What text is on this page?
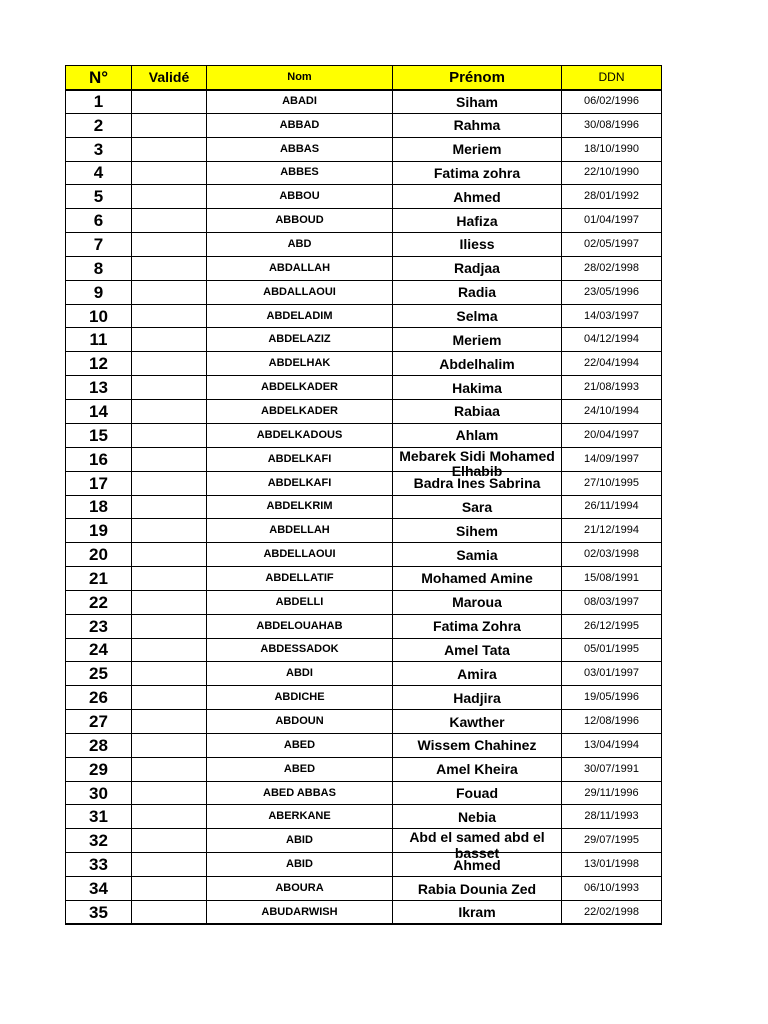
N°	Validé	Nom	Prénom	DDN
1		ABADI	Siham	06/02/1996
2		ABBAD	Rahma	30/08/1996
3		ABBAS	Meriem	18/10/1990
4		ABBES	Fatima zohra	22/10/1990
5		ABBOU	Ahmed	28/01/1992
6		ABBOUD	Hafiza	01/04/1997
7		ABD	Iliess	02/05/1997
8		ABDALLAH	Radjaa	28/02/1998
9		ABDALLAOUI	Radia	23/05/1996
10		ABDELADIM	Selma	14/03/1997
11		ABDELAZIZ	Meriem	04/12/1994
12		ABDELHAK	Abdelhalim	22/04/1994
13		ABDELKADER	Hakima	21/08/1993
14		ABDELKADER	Rabiaa	24/10/1994
15		ABDELKADOUS	Ahlam	20/04/1997
16		ABDELKAFI	Mebarek Sidi Mohamed Elhabib	14/09/1997
17		ABDELKAFI	Badra Ines Sabrina	27/10/1995
18		ABDELKRIM	Sara	26/11/1994
19		ABDELLAH	Sihem	21/12/1994
20		ABDELLAOUI	Samia	02/03/1998
21		ABDELLATIF	Mohamed Amine	15/08/1991
22		ABDELLI	Maroua	08/03/1997
23		ABDELOUAHAB	Fatima Zohra	26/12/1995
24		ABDESSADOK	Amel Tata	05/01/1995
25		ABDI	Amira	03/01/1997
26		ABDICHE	Hadjira	19/05/1996
27		ABDOUN	Kawther	12/08/1996
28		ABED	Wissem Chahinez	13/04/1994
29		ABED	Amel Kheira	30/07/1991
30		ABED ABBAS	Fouad	29/11/1996
31		ABERKANE	Nebia	28/11/1993
32		ABID	Abd el samed abd el basset	29/07/1995
33		ABID	Ahmed	13/01/1998
34		ABOURA	Rabia Dounia Zed	06/10/1993
35		ABUDARWISH	Ikram	22/02/1998
